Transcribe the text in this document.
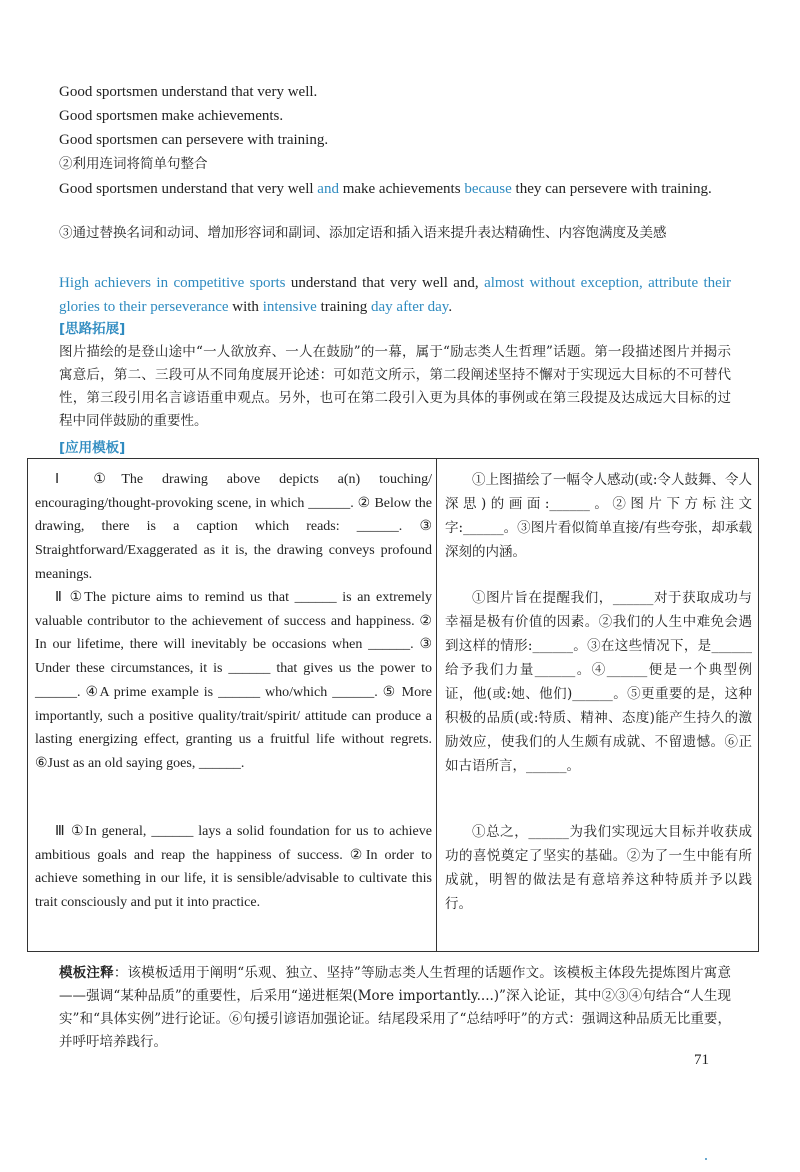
Good sportsmen understand that very well.
Good sportsmen make achievements.
Good sportsmen can persevere with training.
②利用连词将简单句整合
Good sportsmen understand that very well and make achievements because they can persevere with training.
③通过替换名词和动词、增加形容词和副词、添加定语和插入语来提升表达精确性、内容饱满度及美感
High achievers in competitive sports understand that very well and, almost without exception, attribute their glories to their perseverance with intensive training day after day.
[思路拓展]
图片描绘的是登山途中“一人欲放弃、一人在鼓励”的一幕，属于“励志类人生哲理”话题。第一段描述图片并揭示寓意后，第二、三段可从不同角度展开论述：可如范文所示，第二段阐述坚持不懈对于实现远大目标的不可替代性，第三段引用名言谚语重申观点。另外，也可在第二段引入更为具体的事例或在第三段提及达成远大目标的过程中同伴鼓励的重要性。
[应用模板]
Ⅰ ①The drawing above depicts a(n) touching/ encouraging/thought-provoking scene, in which ______. ② Below the drawing, there is a caption which reads: ______. ③ Straightforward/Exaggerated as it is, the drawing conveys profound meanings.
Ⅱ ①The picture aims to remind us that ______ is an extremely valuable contributor to the achievement of success and happiness. ② In our lifetime, there will inevitably be occasions when ______. ③ Under these circumstances, it is ______ that gives us the power to ______. ④A prime example is ______ who/which ______. ⑤ More importantly, such a positive quality/trait/spirit/ attitude can produce a lasting energizing effect, granting us a fruitful life without regrets. ⑥Just as an old saying goes, ______.
Ⅲ ①In general, ______ lays a solid foundation for us to achieve ambitious goals and reap the happiness of success. ②In order to achieve something in our life, it is sensible/advisable to cultivate this trait consciously and put it into practice.
①上图描绘了一幅令人感动(或:令人鼓舞、令人深思)的画面:______。②图片下方标注文字:______。③图片看似简单直接/有些夸张，却承载深刻的内涵。
①图片旨在提醒我们，______对于获取成功与幸福是极有价值的因素。②我们的人生中难免会遇到这样的情形:______。③在这些情况下，是______给予我们力量______。④______便是一个典型例证，他(或:她、他们)______。⑤更重要的是，这种积极的品质(或:特质、精神、态度)能产生持久的激励效应，使我们的人生颇有成就、不留遗憾。⑥正如古语所言，______。
①总之，______为我们实现远大目标并收获成功的喜悦奠定了坚实的基础。②为了一生中能有所成就，明智的做法是有意培养这种特质并予以践行。
模板注释：该模板适用于阐明“乐观、独立、坚持”等励志类人生哲理的话题作文。该模板主体段先提炼图片寓意——强调“某种品质”的重要性，后采用“递进框架(More importantly....)”深入论证，其中②③④句结合“人生现实”和“具体实例”进行论证。⑥句援引谚语加强论证。结尾段采用了“总结呼吁”的方式：强调这种品质无比重要，并呼吁培养践行。
71
